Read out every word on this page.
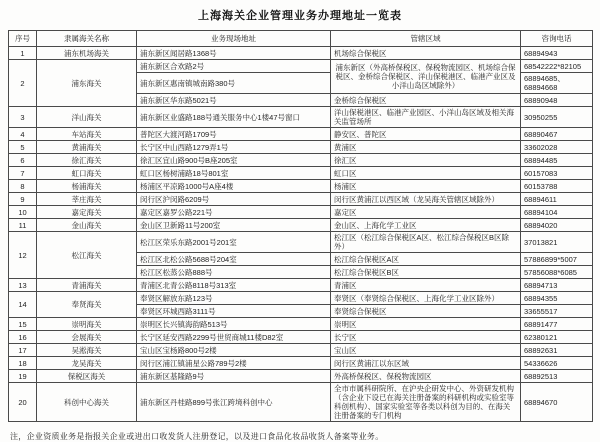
上海海关企业管理业务办理地址一览表
序号	隶属海关名称	业务现场地址	管辖区域	咨询电话
1	浦东机场海关	浦东新区闻居路1368号	机场综合保税区	68894943
2	浦东海关	浦东新区合欢路2号	浦东新区（外高桥保税区、保税物流园区、机场综合保税区、金桥综合保税区、洋山保税港区、临港产业区及小洋山岛区域除外）	68542222*82105
		浦东新区惠南镇城南路380号		68894685、68894668
		浦东新区华东路5021号	金桥综合保税区	68890948
3	洋山海关	浦东新区业盛路188号通关服务中心1楼47号窗口	洋山保税港区、临港产业园区、小洋山岛区域及相关海关监管场所	30950255
4	车站海关	普陀区大渡河路1709号	静安区、普陀区	68890467
5	黄浦海关	长宁区中山西路1279弄1号	黄浦区	33602028
6	徐汇海关	徐汇区宜山路900号B座205室	徐汇区	68894485
7	虹口海关	虹口区杨树浦路18号801室	虹口区	60157083
8	杨浦海关	杨浦区平凉路1000号A座4楼	杨浦区	60153788
9	莘庄海关	闵行区沪闵路6209号	闵行区黄浦江以西区域（龙吴海关管辖区域除外）	68894611
10	嘉定海关	嘉定区嘉罗公路221号	嘉定区	68894104
11	金山海关	金山区卫新路11号200室	金山区、上海化学工业区	68894020
12	松江海关	松江区荣乐东路2001号201室	松江区（松江综合保税区A区、松江综合保税区B区除外）	37013821
		松江区北松公路5688号204室	松江综合保税区A区	57886899*5007
		松江区松蒸公路888号	松江综合保税区B区	57856088*6085
13	青浦海关	青浦区北青公路8118号313室	青浦区	68894713
14	奉贤海关	奉贤区解放东路123号	奉贤区（奉贤综合保税区、上海化学工业区除外）	68894355
		奉贤区环城西路3111号	奉贤综合保税区	33655517
15	崇明海关	崇明区长兴镇海韵路513号	崇明区	68891477
16	会展海关	长宁区延安西路2299号世贸商城11楼D82室	长宁区	62380121
17	吴淞海关	宝山区宝杨路800号2楼	宝山区	68892631
18	龙吴海关	闵行区浦江镇浦星公路789号2楼	闵行区黄浦江以东区域	54336626
19	保税区海关	浦东新区基隆路9号	外高桥保税区、保税物流园区	68892513
20	科创中心海关	浦东新区丹桂路899号张江跨境科创中心	全市市属科研院所、在沪央企研发中心、外资研发机构（含企业下设已在海关注册备案的科研机构或实验室等科创机构）、国家实验室等各类以科创为目的、在海关注册备案的专门机构	68894670
注，企业资质业务是指报关企业或进出口收发货人注册登记，以及进口食品化妆品收货人备案等业务。
